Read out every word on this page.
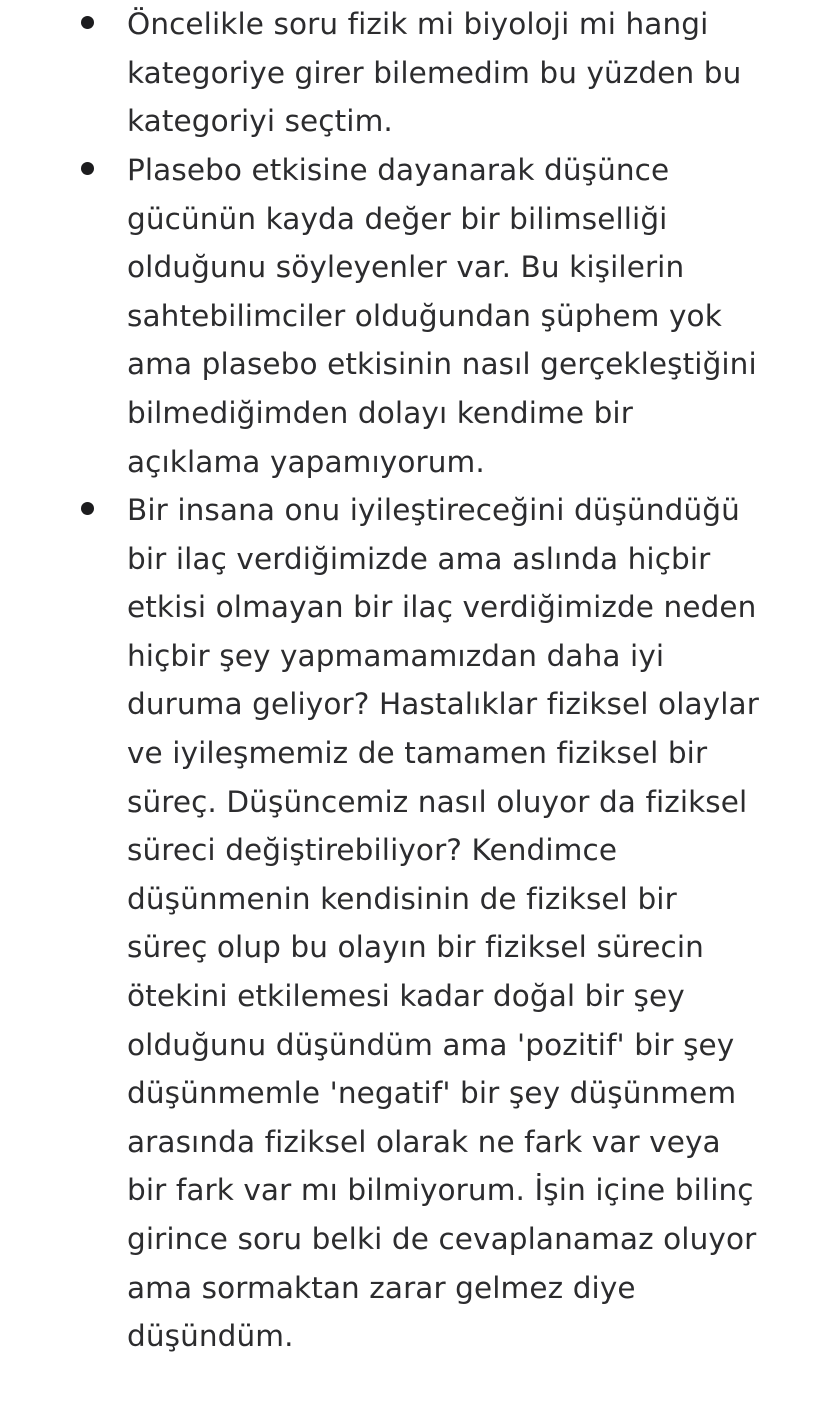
Öncelikle soru fizik mi biyoloji mi hangi
kategoriye girer bilemedim bu yüzden bu
kategoriyi seçtim.
Plasebo etkisine dayanarak düşünce
gücünün kayda değer bir bilimselliği
olduğunu söyleyenler var. Bu kişilerin
sahtebilimciler olduğundan şüphem yok
ama plasebo etkisinin nasıl gerçekleştiğini
bilmediğimden dolayı kendime bir
açıklama yapamıyorum.
Bir insana onu iyileştireceğini düşündüğü
bir ilaç verdiğimizde ama aslında hiçbir
etkisi olmayan bir ilaç verdiğimizde neden
hiçbir şey yapmamamızdan daha iyi
duruma geliyor? Hastalıklar fiziksel olaylar
ve iyileşmemiz de tamamen fiziksel bir
süreç. Düşüncemiz nasıl oluyor da fiziksel
süreci değiştirebiliyor? Kendimce
düşünmenin kendisinin de fiziksel bir
süreç olup bu olayın bir fiziksel sürecin
ötekini etkilemesi kadar doğal bir şey
olduğunu düşündüm ama 'pozitif' bir şey
düşünmemle 'negatif' bir şey düşünmem
arasında fiziksel olarak ne fark var veya
bir fark var mı bilmiyorum. İşin içine bilinç
girince soru belki de cevaplanamaz oluyor
ama sormaktan zarar gelmez diye
düşündüm.
